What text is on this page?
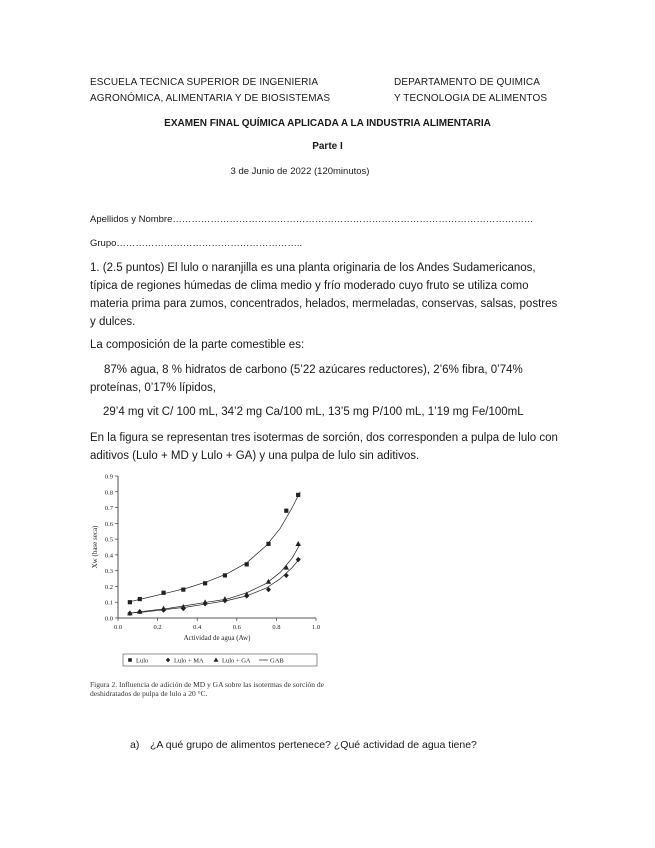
ESCUELA TECNICA SUPERIOR DE INGENIERIA
AGRONÓMICA, ALIMENTARIA Y DE BIOSISTEMAS
DEPARTAMENTO DE QUIMICA
Y TECNOLOGIA DE ALIMENTOS
EXAMEN FINAL QUÍMICA APLICADA A LA INDUSTRIA ALIMENTARIA
Parte I
3 de Junio de 2022 (120minutos)
Apellidos y Nombre……………………………………………………………………………………………………
Grupo…………………………………………………..
1. (2.5 puntos) El lulo o naranjilla es una planta originaria de los Andes Sudamericanos, típica de regiones húmedas de clima medio y frío moderado cuyo fruto se utiliza como materia prima para zumos, concentrados, helados, mermeladas, conservas, salsas, postres y dulces.
La composición de la parte comestible es:
87% agua, 8 % hidratos de carbono (5’22 azúcares reductores), 2’6% fibra, 0’74% proteínas, 0’17% lípidos,
29’4 mg vit C/ 100 mL, 34’2 mg Ca/100 mL, 13’5 mg P/100 mL, 1’19 mg Fe/100mL
En la figura se representan tres isotermas de sorción, dos corresponden a pulpa de lulo con aditivos (Lulo + MD y Lulo + GA) y una pulpa de lulo sin aditivos.
0.0
0.1
0.2
0.3
0.4
0.5
0.6
0.7
0.8
0.9
0.0	0.2	0.4	0.6	0.8	1.0
Actividad de agua (Aw)
Xw (base seca)
Lulo	Lulo + MA	Lulo + GA	GAB
Figura 2. Influencia de adición de MD y GA sobre las isotermas de sorción de deshidratados de pulpa de lulo a 20 °C.
a) ¿A qué grupo de alimentos pertenece? ¿Qué actividad de agua tiene?
